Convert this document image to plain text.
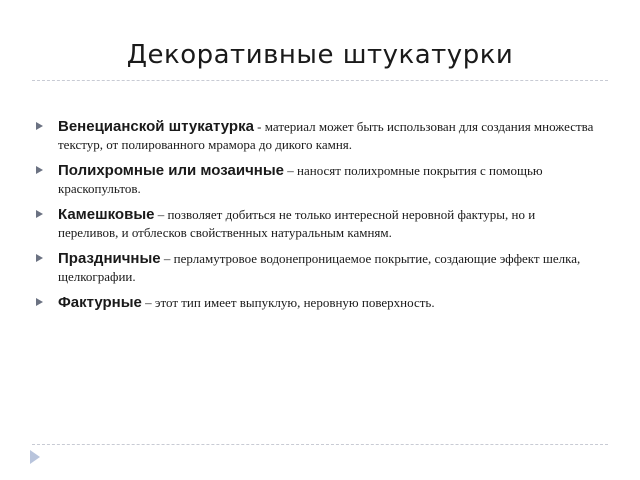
Декоративные штукатурки
Венецианской штукатурка - материал может быть использован для создания множества текстур, от полированного мрамора до дикого камня.
Полихромные или мозаичные – наносят полихромные покрытия с помощью краскопультов.
Камешковые – позволяет добиться не только интересной неровной фактуры, но и переливов, и отблесков свойственных натуральным камням.
Праздничные – перламутровое водонепроницаемое покрытие, создающие эффект шелка, щелкографии.
Фактурные – этот тип имеет выпуклую, неровную поверхность.
